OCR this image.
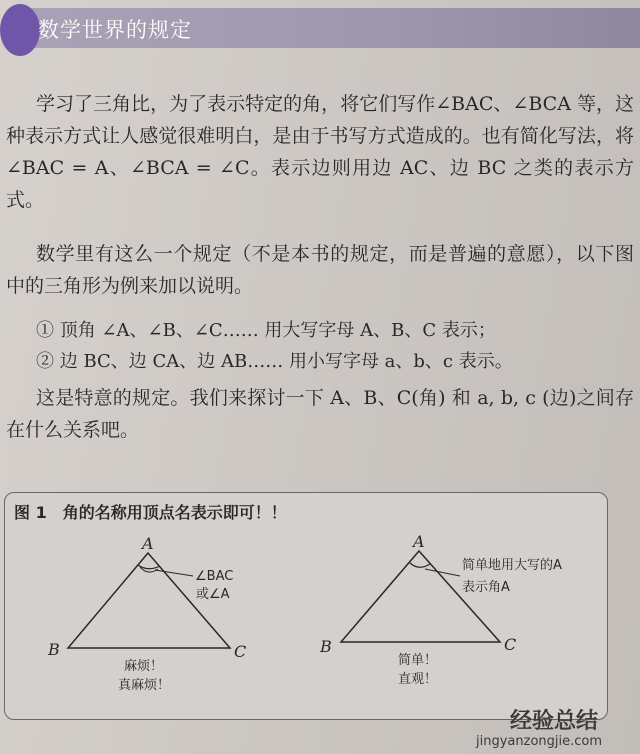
数学世界的规定
学习了三角比，为了表示特定的角，将它们写作∠BAC、∠BCA 等，这种表示方式让人感觉很难明白，是由于书写方式造成的。也有简化写法，将∠BAC = A、∠BCA = ∠C。表示边则用边 AC、边 BC 之类的表示方式。
数学里有这么一个规定（不是本书的规定，而是普遍的意愿），以下图中的三角形为例来加以说明。
① 顶角 ∠A、∠B、∠C…… 用大写字母 A、B、C 表示；
② 边 BC、边 CA、边 AB…… 用小写字母 a、b、c 表示。
这是特意的规定。我们来探讨一下 A、B、C(角) 和 a, b, c (边)之间存在什么关系吧。
图 1　角的名称用顶点名表示即可！！
A
B	C
∠BAC
或∠A
麻烦！
真麻烦！
A
B	C
简单地用大写的A
表示角A
简单！
直观！
经验总结
jingyanzongjie.com
